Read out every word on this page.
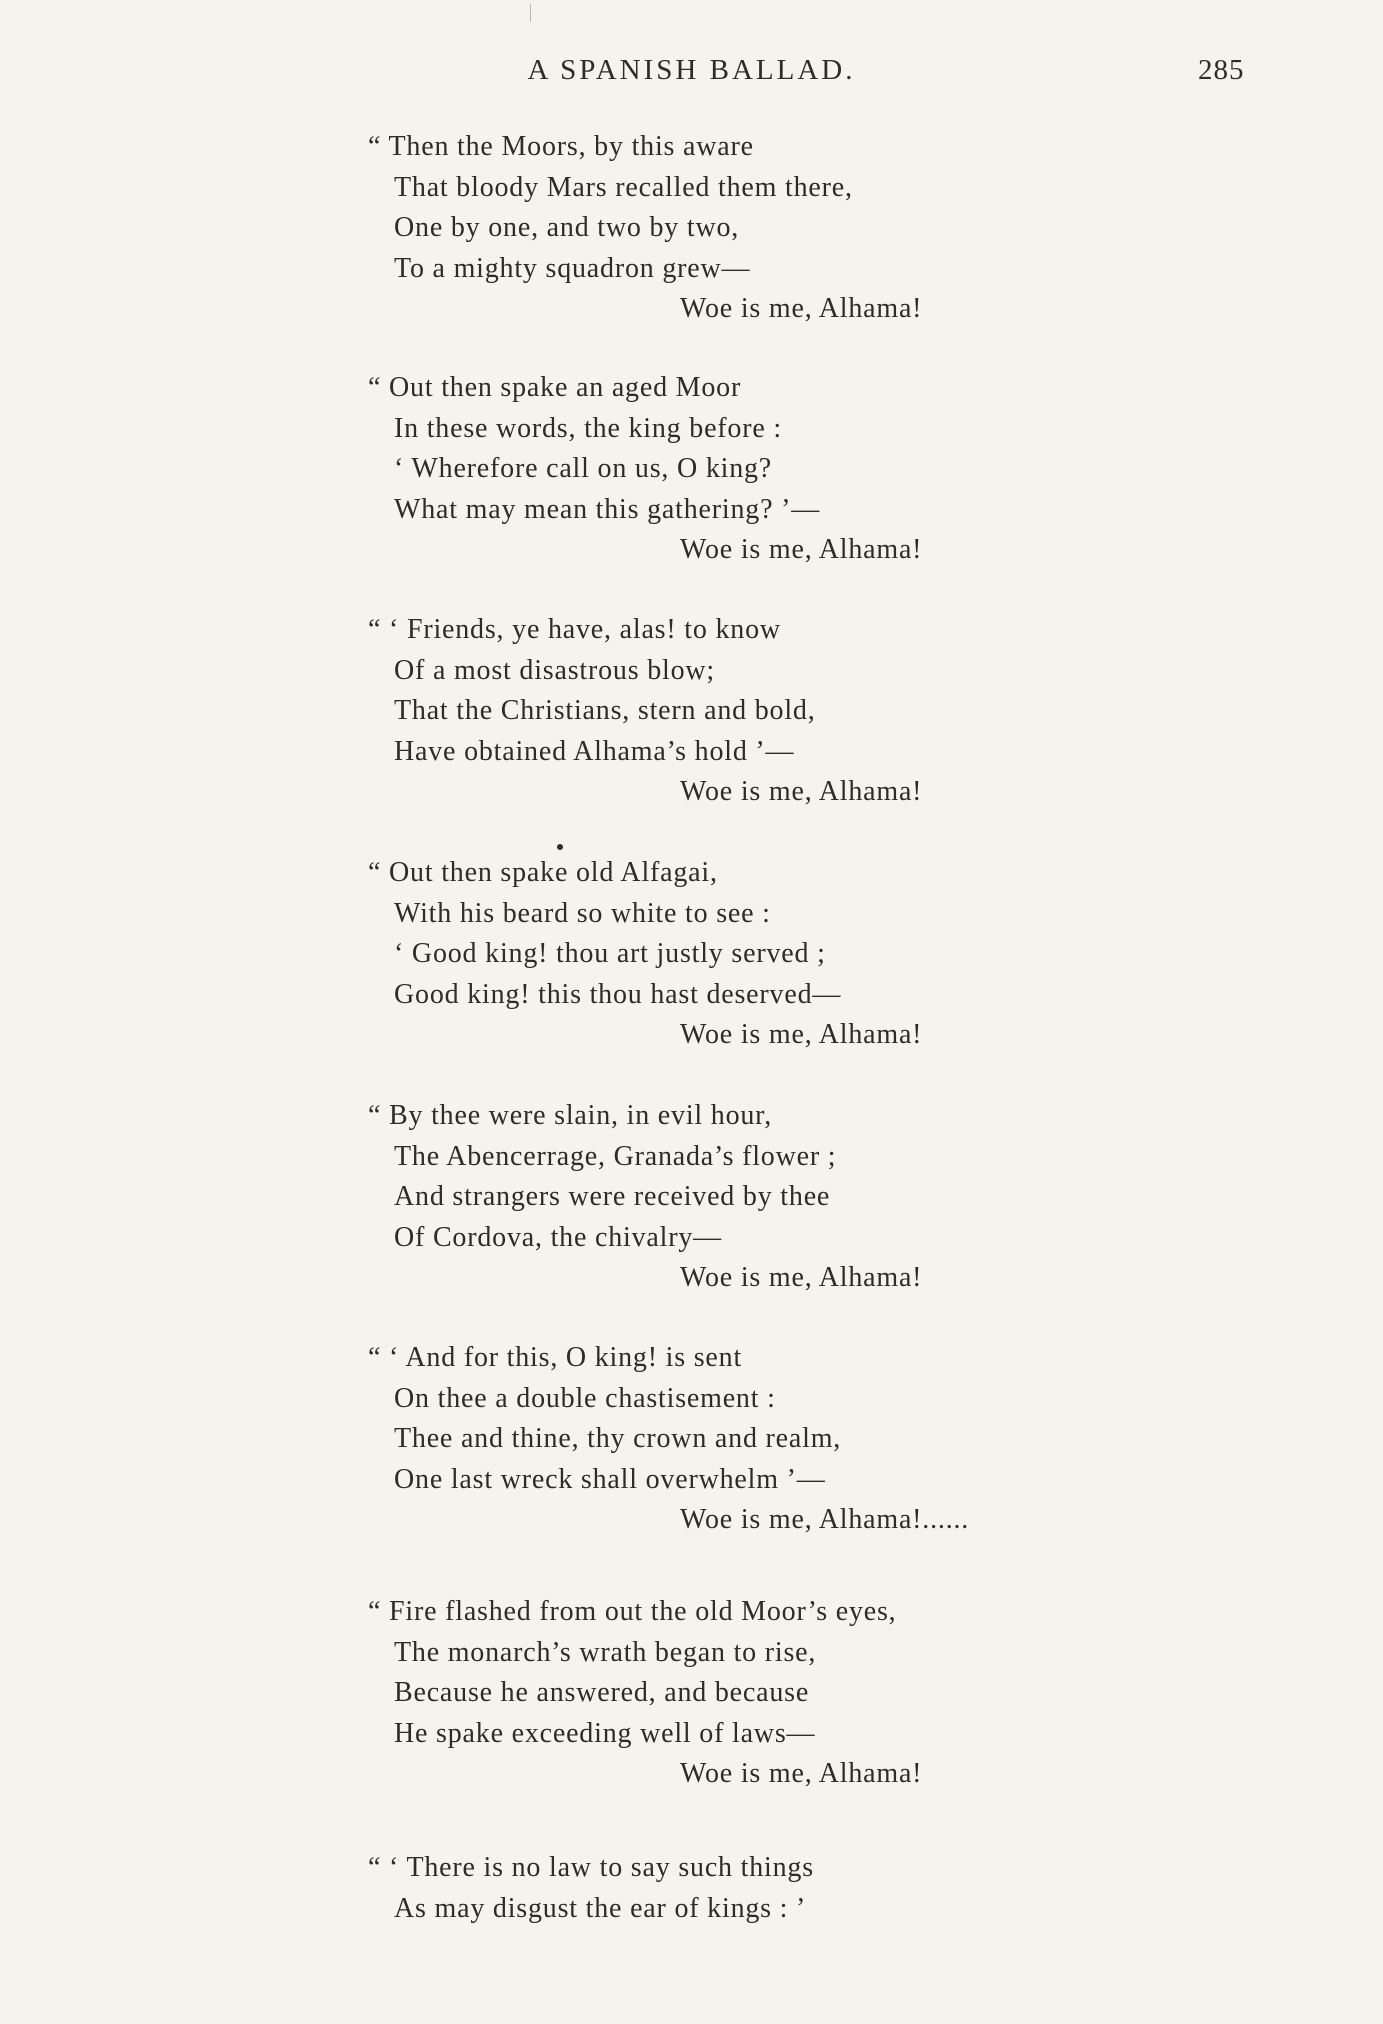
A SPANISH BALLAD.	285
“ Then the Moors, by this aware
That bloody Mars recalled them there,
One by one, and two by two,
To a mighty squadron grew—
Woe is me, Alhama!
“ Out then spake an aged Moor
In these words, the king before :
‘ Wherefore call on us, O king?
What may mean this gathering? ’—
Woe is me, Alhama!
“ ‘ Friends, ye have, alas! to know
Of a most disastrous blow;
That the Christians, stern and bold,
Have obtained Alhama’s hold ’—
Woe is me, Alhama!
“ Out then spake old Alfagai,
With his beard so white to see :
‘ Good king! thou art justly served ;
Good king! this thou hast deserved—
Woe is me, Alhama!
“ By thee were slain, in evil hour,
The Abencerrage, Granada’s flower ;
And strangers were received by thee
Of Cordova, the chivalry—
Woe is me, Alhama!
“ ‘ And for this, O king! is sent
On thee a double chastisement :
Thee and thine, thy crown and realm,
One last wreck shall overwhelm ’—
Woe is me, Alhama!......
“ Fire flashed from out the old Moor’s eyes,
The monarch’s wrath began to rise,
Because he answered, and because
He spake exceeding well of laws—
Woe is me, Alhama!
“ ‘ There is no law to say such things
As may disgust the ear of kings : ’
